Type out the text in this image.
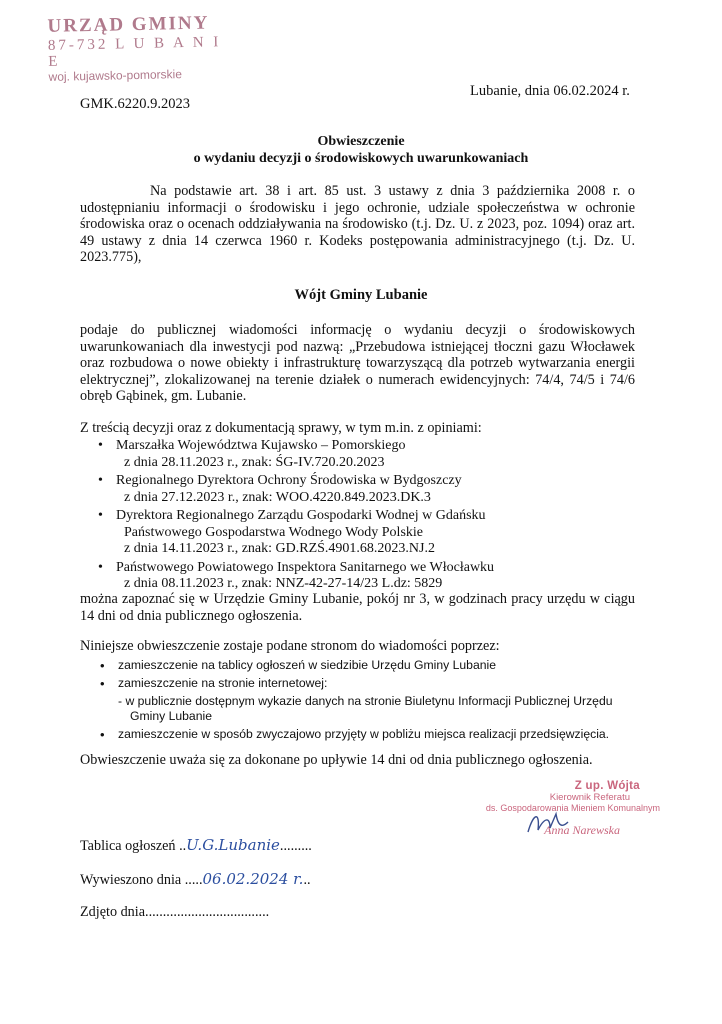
URZĄD GMINY
87-732 L U B A N I E
woj. kujawsko-pomorskie
Lubanie, dnia 06.02.2024 r.
GMK.6220.9.2023
Obwieszczenie
o wydaniu decyzji o środowiskowych uwarunkowaniach
Na podstawie art. 38 i art. 85 ust. 3 ustawy z dnia 3 października 2008 r. o udostępnianiu informacji o środowisku i jego ochronie, udziale społeczeństwa w ochronie środowiska oraz o ocenach oddziaływania na środowisko (t.j. Dz. U. z 2023, poz. 1094) oraz art. 49 ustawy z dnia 14 czerwca 1960 r. Kodeks postępowania administracyjnego (t.j. Dz. U. 2023.775),
Wójt Gminy Lubanie
podaje do publicznej wiadomości informację o wydaniu decyzji o środowiskowych uwarunkowaniach dla inwestycji pod nazwą: „Przebudowa istniejącej tłoczni gazu Włocławek oraz rozbudowa o nowe obiekty i infrastrukturę towarzyszącą dla potrzeb wytwarzania energii elektrycznej”, zlokalizowanej na terenie działek o numerach ewidencyjnych: 74/4, 74/5 i 74/6 obręb Gąbinek, gm. Lubanie.
Z treścią decyzji oraz z dokumentacją sprawy, w tym m.in. z opiniami:
• Marszałka Województwa Kujawsko – Pomorskiego
z dnia 28.11.2023 r., znak: ŚG-IV.720.20.2023
• Regionalnego Dyrektora Ochrony Środowiska w Bydgoszczy
z dnia 27.12.2023 r., znak: WOO.4220.849.2023.DK.3
• Dyrektora Regionalnego Zarządu Gospodarki Wodnej w Gdańsku
Państwowego Gospodarstwa Wodnego Wody Polskie
z dnia 14.11.2023 r., znak: GD.RZŚ.4901.68.2023.NJ.2
• Państwowego Powiatowego Inspektora Sanitarnego we Włocławku
z dnia 08.11.2023 r., znak: NNZ-42-27-14/23 L.dz: 5829
można zapoznać się w Urzędzie Gminy Lubanie, pokój nr 3, w godzinach pracy urzędu w ciągu 14 dni od dnia publicznego ogłoszenia.
Niniejsze obwieszczenie zostaje podane stronom do wiadomości poprzez:
• zamieszczenie na tablicy ogłoszeń w siedzibie Urzędu Gminy Lubanie
• zamieszczenie na stronie internetowej:
- w publicznie dostępnym wykazie danych na stronie Biuletynu Informacji Publicznej Urzędu
Gminy Lubanie
• zamieszczenie w sposób zwyczajowo przyjęty w pobliżu miejsca realizacji przedsięwzięcia.
Obwieszczenie uważa się za dokonane po upływie 14 dni od dnia publicznego ogłoszenia.
Z up. Wójta
Kierownik Referatu
ds. Gospodarowania Mieniem Komunalnym
Anna Narewska
Tablica ogłoszeń ..U.G.Lubanie.........
Wywieszono dnia .....06.02.2024 r...
Zdjęto dnia...................................
